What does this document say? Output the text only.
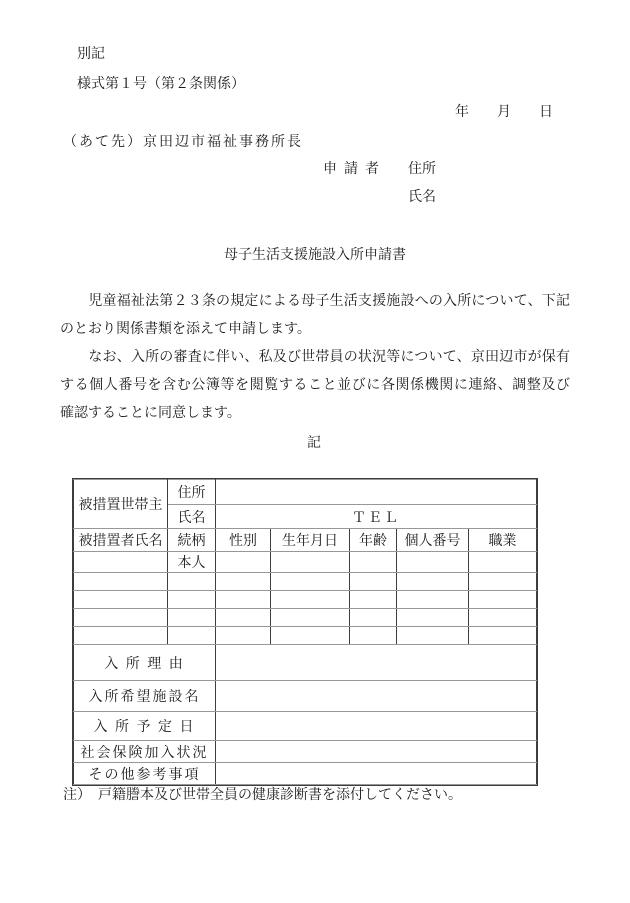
別記
様式第１号（第２条関係）
年　　月　　日
（あて先）京田辺市福祉事務所長
申請者 住所
氏名
母子生活支援施設入所申請書
　　児童福祉法第２３条の規定による母子生活支援施設への入所について、下記
のとおり関係書類を添えて申請します。
　　なお、入所の審査に伴い、私及び世帯員の状況等について、京田辺市が保有
する個人番号を含む公簿等を閲覧すること並びに各関係機関に連絡、調整及び
確認することに同意します。
記
被措置世帯主	住所					
	氏名	ＴＥＬ				
被措置者氏名	続柄	性別	生年月日	年齢	個人番号	職業
	本人					

入 所 理 由						
入所希望施設名						
入 所 予 定 日						
社会保険加入状況						
その他参考事項						
注）　戸籍謄本及び世帯全員の健康診断書を添付してください。
